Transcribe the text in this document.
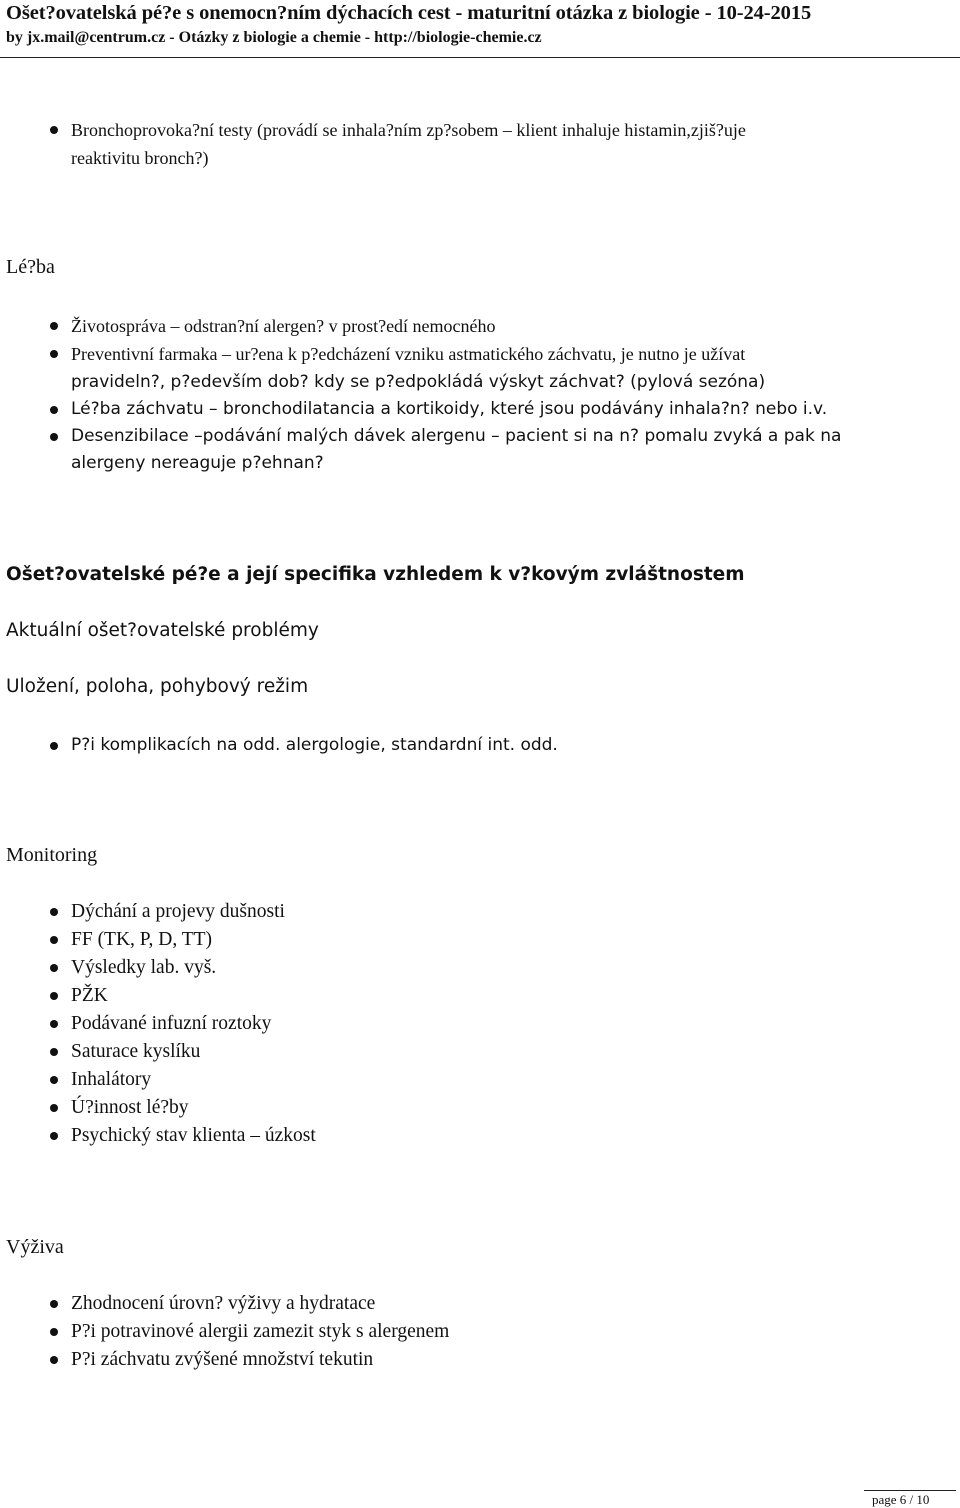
Ošet?ovatelská pé?e s onemocn?ním dýchacích cest - maturitní otázka z biologie - 10-24-2015
by jx.mail@centrum.cz - Otázky z biologie a chemie - http://biologie-chemie.cz
Bronchoprovoka?ní testy (provádí se inhala?ním zp?sobem – klient inhaluje histamin,zjiš?uje
reaktivitu bronch?)
Lé?ba
Životospráva – odstran?ní alergen? v prost?edí nemocného
Preventivní farmaka – ur?ena k p?edcházení vzniku astmatického záchvatu, je nutno je užívat
pravideln?, p?edevším dob? kdy se p?edpokládá výskyt záchvat? (pylová sezóna)
Lé?ba záchvatu – bronchodilatancia a kortikoidy, které jsou podávány inhala?n? nebo i.v.
Desenzibilace –podávání malých dávek alergenu – pacient si na n? pomalu zvyká a pak na
alergeny nereaguje p?ehnan?
Ošet?ovatelské pé?e a její specifika vzhledem k v?kovým zvláštnostem
Aktuální ošet?ovatelské problémy
Uložení, poloha, pohybový režim
P?i komplikacích na odd. alergologie, standardní int. odd.
Monitoring
Dýchání a projevy dušnosti
FF (TK, P, D, TT)
Výsledky lab. vyš.
PŽK
Podávané infuzní roztoky
Saturace kyslíku
Inhalátory
Ú?innost lé?by
Psychický stav klienta – úzkost
Výživa
Zhodnocení úrovn? výživy a hydratace
P?i potravinové alergii zamezit styk s alergenem
P?i záchvatu zvýšené množství tekutin
page 6 / 10
